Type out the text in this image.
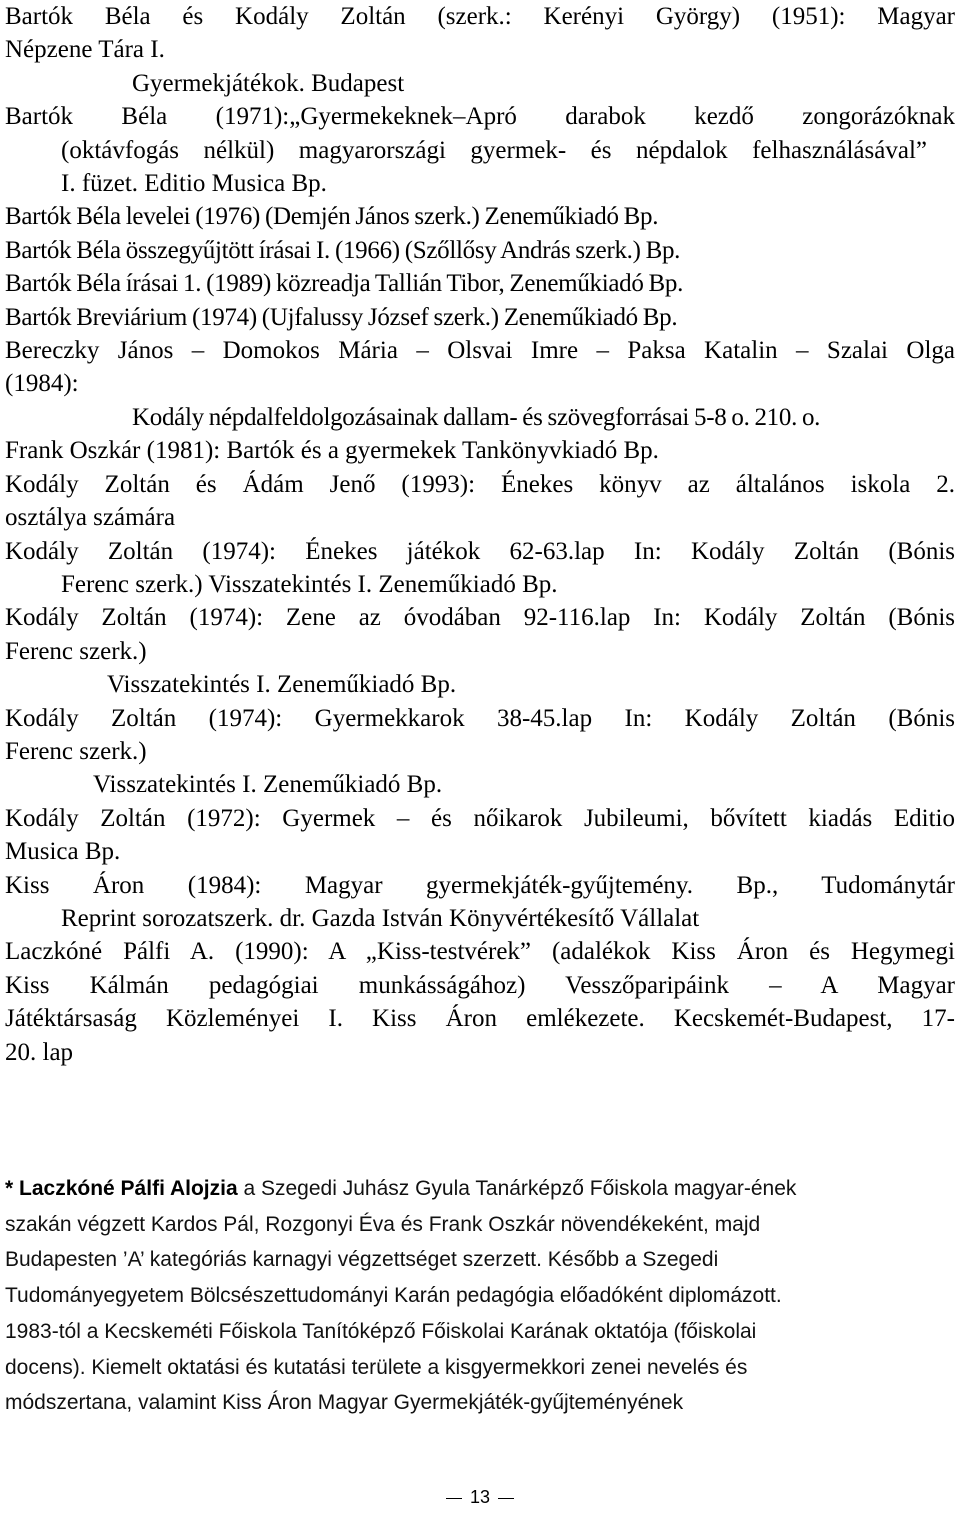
Bartók Béla és Kodály Zoltán (szerk.: Kerényi György) (1951): Magyar
Népzene Tára I.
Gyermekjátékok. Budapest
Bartók Béla (1971):„Gyermekeknek–Apró darabok kezdő zongorázóknak
(oktávfogás nélkül) magyarországi gyermek- és népdalok felhasználásával”
I. füzet. Editio Musica Bp.
Bartók Béla levelei (1976) (Demjén János szerk.) Zeneműkiadó Bp.
Bartók Béla összegyűjtött írásai I. (1966) (Szőllősy András szerk.) Bp.
Bartók Béla írásai 1. (1989) közreadja Tallián Tibor, Zeneműkiadó Bp.
Bartók Breviárium (1974) (Ujfalussy József szerk.) Zeneműkiadó Bp.
Bereczky János – Domokos Mária – Olsvai Imre – Paksa Katalin – Szalai Olga
(1984):
Kodály népdalfeldolgozásainak dallam- és szövegforrásai 5-8 o. 210. o.
Frank Oszkár (1981): Bartók és a gyermekek Tankönyvkiadó Bp.
Kodály Zoltán és Ádám Jenő (1993): Énekes könyv az általános iskola 2.
osztálya számára
Kodály Zoltán (1974): Énekes játékok 62-63.lap In: Kodály Zoltán (Bónis
Ferenc szerk.) Visszatekintés I. Zeneműkiadó Bp.
Kodály Zoltán (1974): Zene az óvodában 92-116.lap In: Kodály Zoltán (Bónis
Ferenc szerk.)
Visszatekintés I. Zeneműkiadó Bp.
Kodály Zoltán (1974): Gyermekkarok 38-45.lap In: Kodály Zoltán (Bónis
Ferenc szerk.)
Visszatekintés I. Zeneműkiadó Bp.
Kodály Zoltán (1972): Gyermek – és nőikarok Jubileumi, bővített kiadás Editio
Musica Bp.
Kiss Áron (1984): Magyar gyermekjáték-gyűjtemény. Bp., Tudománytár
Reprint sorozatszerk. dr. Gazda István Könyvértékesítő Vállalat
Laczkóné Pálfi A. (1990): A „Kiss-testvérek” (adalékok Kiss Áron és Hegymegi
Kiss Kálmán pedagógiai munkásságához) Vesszőparipáink – A Magyar
Játéktársaság Közleményei I. Kiss Áron emlékezete. Kecskemét-Budapest, 17-
20. lap
* Laczkóné Pálfi Alojzia a Szegedi Juhász Gyula Tanárképző Főiskola magyar-ének
szakán végzett Kardos Pál, Rozgonyi Éva és Frank Oszkár növendékeként, majd
Budapesten ’A’ kategóriás karnagyi végzettséget szerzett. Később a Szegedi
Tudományegyetem Bölcsészettudományi Karán pedagógia előadóként diplomázott.
1983-tól a Kecskeméti Főiskola Tanítóképző Főiskolai Karának oktatója (főiskolai
docens). Kiemelt oktatási és kutatási területe a kisgyermekkori zenei nevelés és
módszertana, valamint Kiss Áron Magyar Gyermekjáték-gyűjteményének
13
